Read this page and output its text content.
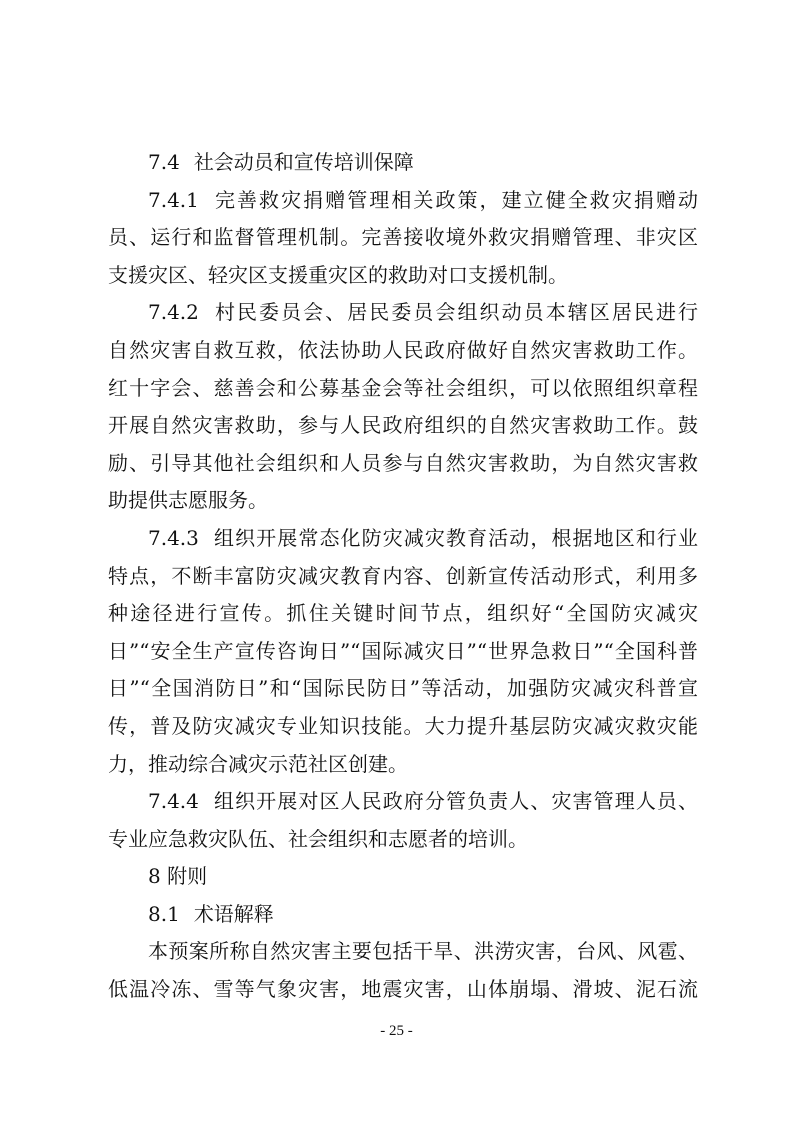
7.4 社会动员和宣传培训保障
7.4.1 完善救灾捐赠管理相关政策，建立健全救灾捐赠动
员、运行和监督管理机制。完善接收境外救灾捐赠管理、非灾区
支援灾区、轻灾区支援重灾区的救助对口支援机制。
7.4.2 村民委员会、居民委员会组织动员本辖区居民进行
自然灾害自救互救，依法协助人民政府做好自然灾害救助工作。
红十字会、慈善会和公募基金会等社会组织，可以依照组织章程
开展自然灾害救助，参与人民政府组织的自然灾害救助工作。鼓
励、引导其他社会组织和人员参与自然灾害救助，为自然灾害救
助提供志愿服务。
7.4.3 组织开展常态化防灾减灾教育活动，根据地区和行业
特点，不断丰富防灾减灾教育内容、创新宣传活动形式，利用多
种途径进行宣传。抓住关键时间节点，组织好“全国防灾减灾
日”“安全生产宣传咨询日”“国际减灾日”“世界急救日”“全国科普
日”“全国消防日”和“国际民防日”等活动，加强防灾减灾科普宣
传，普及防灾减灾专业知识技能。大力提升基层防灾减灾救灾能
力，推动综合减灾示范社区创建。
7.4.4 组织开展对区人民政府分管负责人、灾害管理人员、
专业应急救灾队伍、社会组织和志愿者的培训。
8 附则
8.1 术语解释
本预案所称自然灾害主要包括干旱、洪涝灾害，台风、风雹、
低温冷冻、雪等气象灾害，地震灾害，山体崩塌、滑坡、泥石流
- 25 -
